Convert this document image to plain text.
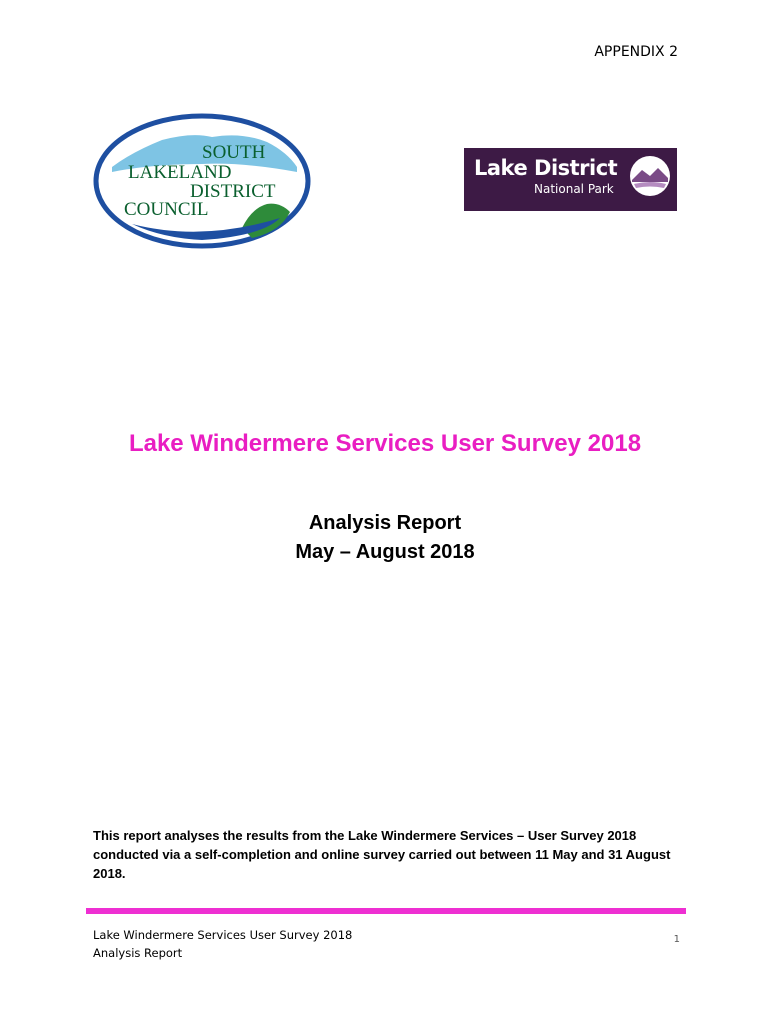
APPENDIX 2
SOUTH
LAKELAND
DISTRICT
COUNCIL
Lake District
National Park
Lake Windermere Services User Survey 2018
Analysis Report
May – August 2018
This report analyses the results from the Lake Windermere Services – User Survey 2018 conducted via a self-completion and online survey carried out between 11 May and 31 August 2018.
Lake Windermere Services User Survey 2018
Analysis Report
1
